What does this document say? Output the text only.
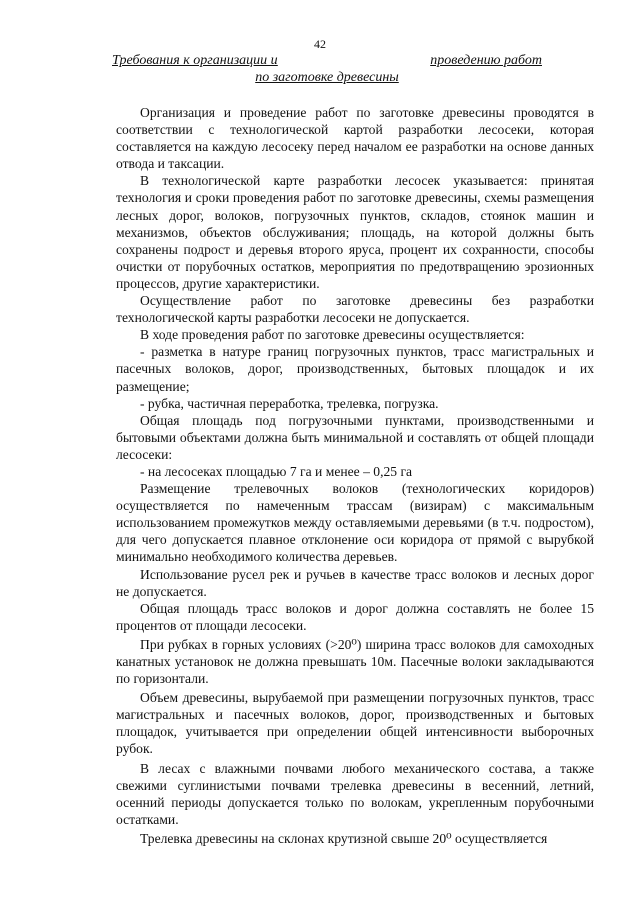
42
Требования к организации и	проведению работ
по заготовке древесины

Организация и проведение работ по заготовке древесины проводятся в соответствии с технологической картой разработки лесосеки, которая составляется на каждую лесосеку перед началом ее разработки на основе данных отвода и таксации.

В технологической карте разработки лесосек указывается: принятая технология и сроки проведения работ по заготовке древесины, схемы размещения лесных дорог, волоков, погрузочных пунктов, складов, стоянок машин и механизмов, объектов обслуживания; площадь, на которой должны быть сохранены подрост и деревья второго яруса, процент их сохранности, способы очистки от порубочных остатков, мероприятия по предотвращению эрозионных процессов, другие характеристики.

Осуществление работ по заготовке древесины без разработки технологической карты разработки лесосеки не допускается.

В ходе проведения работ по заготовке древесины осуществляется:

- разметка в натуре границ погрузочных пунктов, трасс магистральных и пасечных волоков, дорог, производственных, бытовых площадок и их размещение;

- рубка, частичная переработка, трелевка, погрузка.

Общая площадь под погрузочными пунктами, производственными и бытовыми объектами должна быть минимальной и составлять от общей площади лесосеки:

- на лесосеках площадью 7 га и менее – 0,25 га

Размещение трелевочных волоков (технологических коридоров) осуществляется по намеченным трассам (визирам) с максимальным использованием промежутков между оставляемыми деревьями (в т.ч. подростом), для чего допускается плавное отклонение оси коридора от прямой с вырубкой минимально необходимого количества деревьев.

Использование русел рек и ручьев в качестве трасс волоков и лесных дорог не допускается.

Общая площадь трасс волоков и дорог должна составлять не более 15 процентов от площади лесосеки.

При рубках в горных условиях (>20⁰) ширина трасс волоков для самоходных канатных установок не должна превышать 10м. Пасечные волоки закладываются по горизонтали.

Объем древесины, вырубаемой при размещении погрузочных пунктов, трасс магистральных и пасечных волоков, дорог, производственных и бытовых площадок, учитывается при определении общей интенсивности выборочных рубок.

В лесах с влажными почвами любого механического состава, а также свежими суглинистыми почвами трелевка древесины в весенний, летний, осенний периоды допускается только по волокам, укрепленным порубочными остатками.

Трелевка древесины на склонах крутизной свыше 20⁰ осуществляется
